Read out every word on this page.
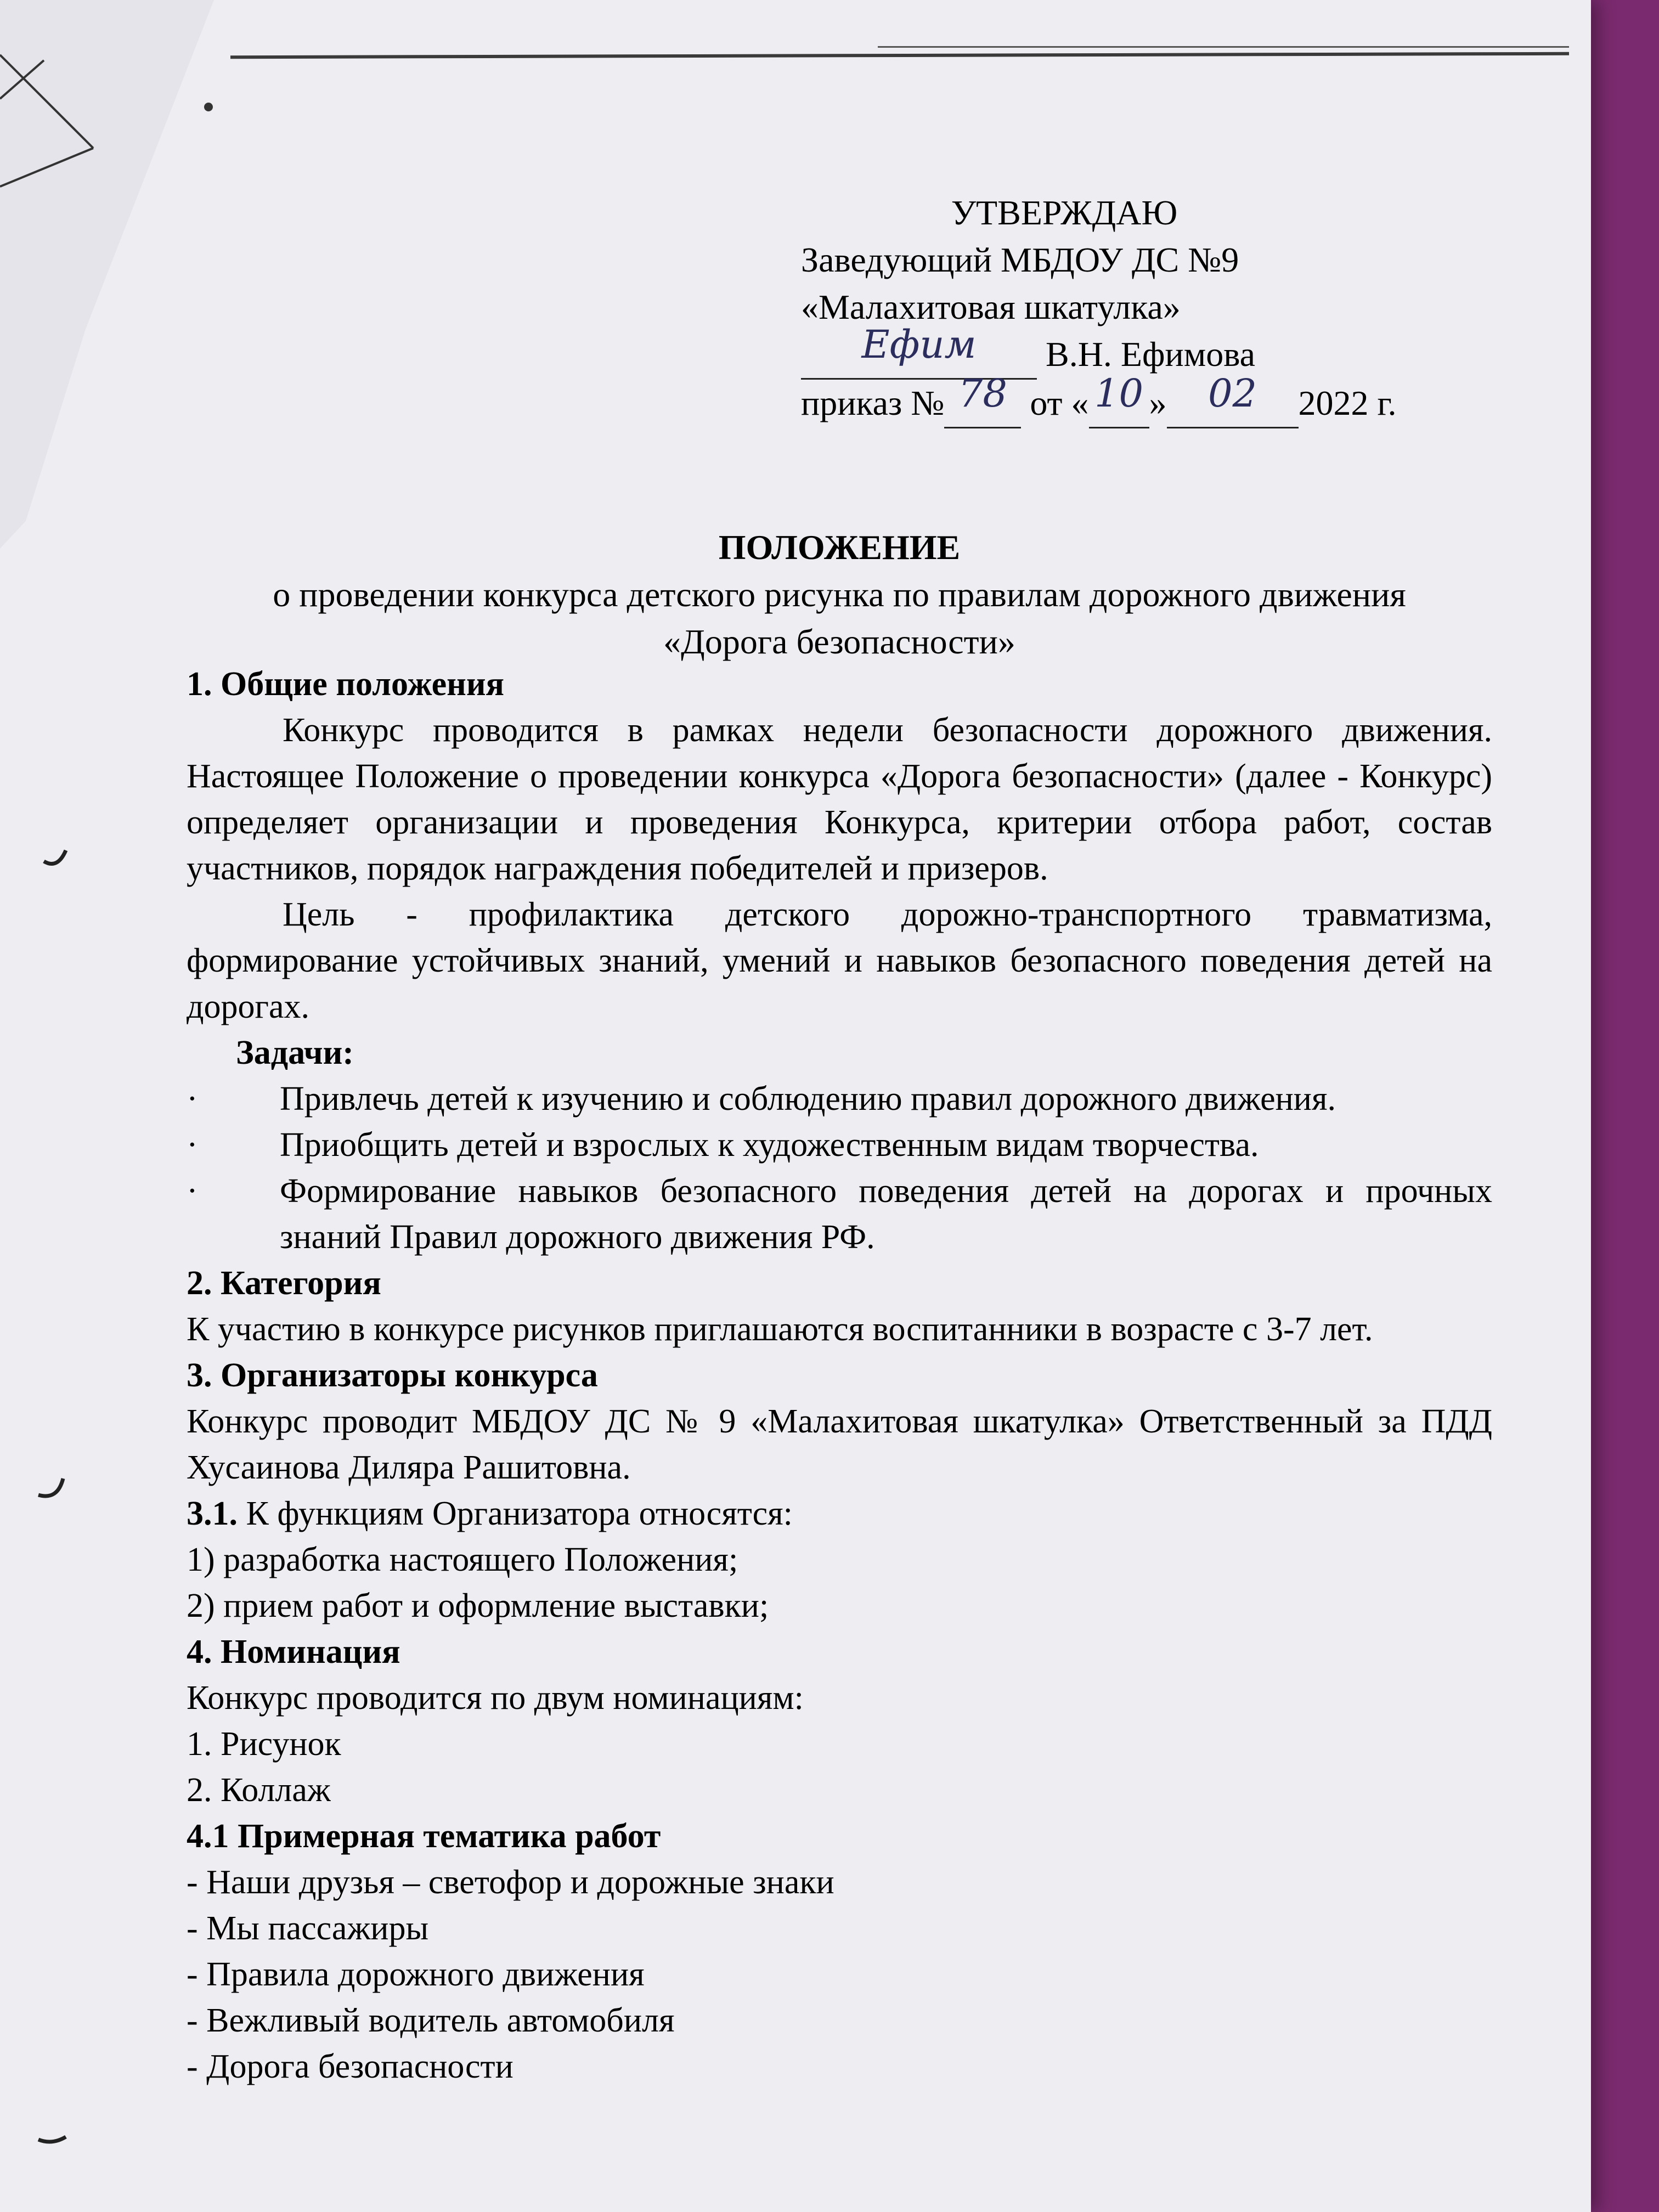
УТВЕРЖДАЮ
Заведующий МБДОУ ДС №9
«Малахитовая шкатулка»
Ефим	В.Н. Ефимова
приказ № 78 от « 10 »	02	2022 г.
ПОЛОЖЕНИЕ
о проведении конкурса детского рисунка по правилам дорожного движения
«Дорога безопасности»
1. Общие положения
Конкурс проводится в рамках недели безопасности дорожного движения. Настоящее Положение о проведении конкурса «Дорога безопасности» (далее - Конкурс) определяет организации и проведения Конкурса, критерии отбора работ, состав участников, порядок награждения победителей и призеров.
Цель - профилактика детского дорожно-транспортного травматизма, формирование устойчивых знаний, умений и навыков безопасного поведения детей на дорогах.
Задачи:
·	Привлечь детей к изучению и соблюдению правил дорожного движения.
·	Приобщить детей и взрослых к художественным видам творчества.
·	Формирование навыков безопасного поведения детей на дорогах и прочных знаний Правил дорожного движения РФ.
2. Категория
К участию в конкурсе рисунков приглашаются воспитанники в возрасте с 3-7 лет.
3. Организаторы конкурса
Конкурс проводит МБДОУ ДС № 9 «Малахитовая шкатулка» Ответственный за ПДД Хусаинова Диляра Рашитовна.
3.1. К функциям Организатора относятся:
1) разработка настоящего Положения;
2) прием работ и оформление выставки;
4. Номинация
Конкурс проводится по двум номинациям:
1. Рисунок
2. Коллаж
4.1 Примерная тематика работ
- Наши друзья – светофор и дорожные знаки
- Мы пассажиры
- Правила дорожного движения
- Вежливый водитель автомобиля
- Дорога безопасности
